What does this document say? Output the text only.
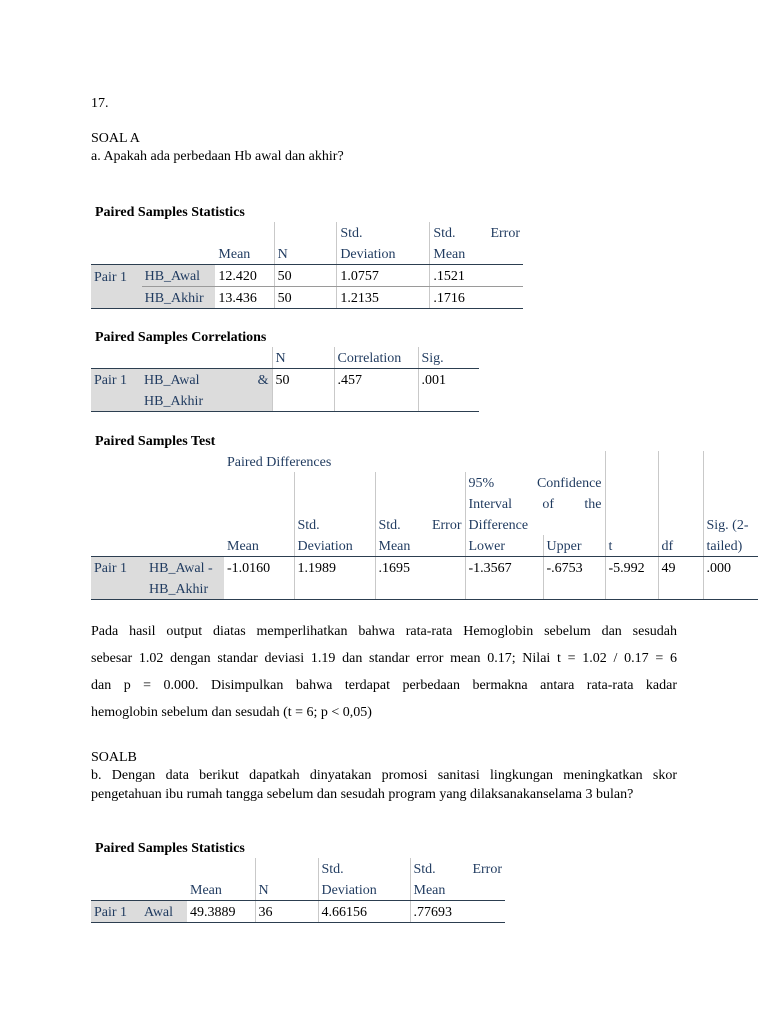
17.
SOAL A
a. Apakah ada perbedaan Hb awal dan akhir?
Paired Samples Statistics
				Std.	Std. Error

		Mean	N	Deviation	Mean
Pair 1	HB_Awal	12.420	50	1.0757	.1521
	HB_Akhir	13.436	50	1.2135	.1716
Paired Samples Correlations
		N	Correlation	Sig.
Pair 1	HB_Awal &	50	.457	.001
	HB_Akhir			
Paired Samples Test
		Paired Differences							

					95% Confidence				

					Interval of the				

			Std.	Std. Error	Difference				Sig. (2-
		Mean	Deviation	Mean	Lower	Upper	t	df	tailed)
Pair 1	HB_Awal -	-1.0160	1.1989	.1695	-1.3567	-.6753	-5.992	49	.000
	HB_Akhir								
Pada hasil output diatas memperlihatkan bahwa rata-rata Hemoglobin sebelum dan sesudah
sebesar 1.02 dengan standar deviasi 1.19 dan standar error mean 0.17; Nilai t = 1.02 / 0.17 = 6
dan p = 0.000. Disimpulkan bahwa terdapat perbedaan bermakna antara rata-rata kadar
hemoglobin sebelum dan sesudah (t = 6; p < 0,05)
SOALB
b. Dengan data berikut dapatkah dinyatakan promosi sanitasi lingkungan meningkatkan skor
pengetahuan ibu rumah tangga sebelum dan sesudah program yang dilaksanakanselama 3 bulan?
Paired Samples Statistics
				Std.	Std. Error

		Mean	N	Deviation	Mean
Pair 1	Awal	49.3889	36	4.66156	.77693
